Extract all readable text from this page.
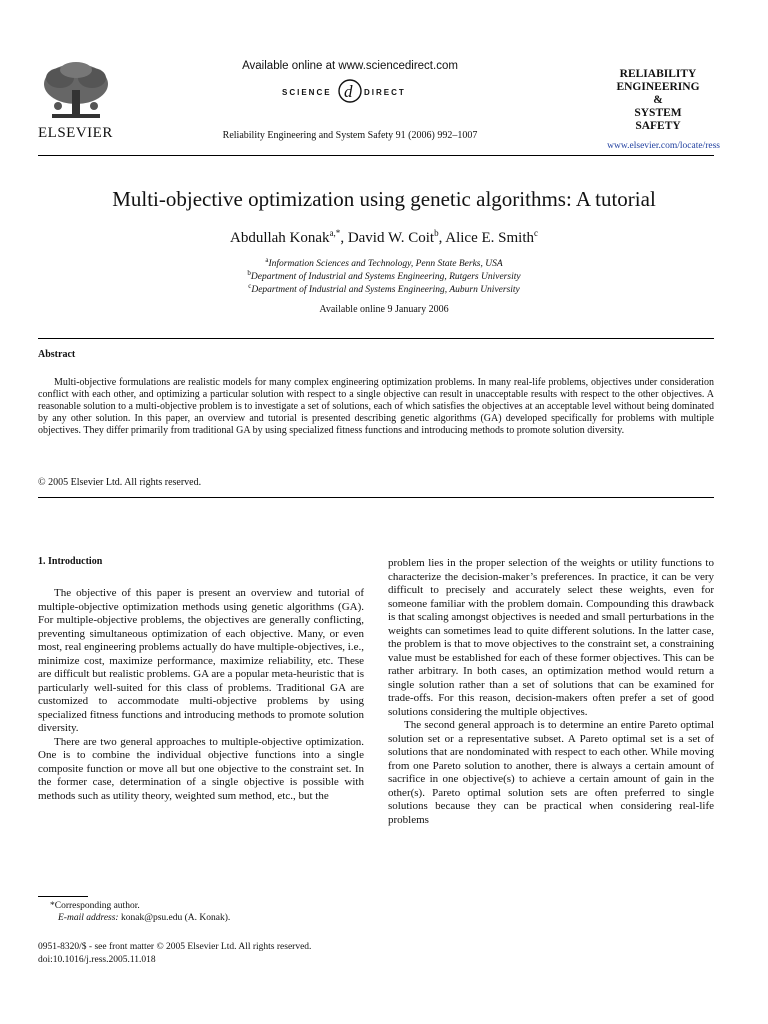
ELSEVIER
Available online at www.sciencedirect.com
SCIENCE d DIRECT
Reliability Engineering and System Safety 91 (2006) 992–1007
RELIABILITY
ENGINEERING
&
SYSTEM
SAFETY
www.elsevier.com/locate/ress
Multi-objective optimization using genetic algorithms: A tutorial
Abdullah Konak$^{a,*}$, David W. Coit$^b$, Alice E. Smith$^c$
$^a$Information Sciences and Technology, Penn State Berks, USA
$^b$Department of Industrial and Systems Engineering, Rutgers University
$^c$Department of Industrial and Systems Engineering, Auburn University
Available online 9 January 2006
Abstract
Multi-objective formulations are realistic models for many complex engineering optimization problems. In many real-life problems, objectives under consideration conflict with each other, and optimizing a particular solution with respect to a single objective can result in unacceptable results with respect to the other objectives. A reasonable solution to a multi-objective problem is to investigate a set of solutions, each of which satisfies the objectives at an acceptable level without being dominated by any other solution. In this paper, an overview and tutorial is presented describing genetic algorithms (GA) developed specifically for problems with multiple objectives. They differ primarily from traditional GA by using specialized fitness functions and introducing methods to promote solution diversity.
© 2005 Elsevier Ltd. All rights reserved.
1. Introduction

The objective of this paper is present an overview and tutorial of multiple-objective optimization methods using genetic algorithms (GA). For multiple-objective problems, the objectives are generally conflicting, preventing simultaneous optimization of each objective. Many, or even most, real engineering problems actually do have multiple-objectives, i.e., minimize cost, maximize performance, maximize reliability, etc. These are difficult but realistic problems. GA are a popular meta-heuristic that is particularly well-suited for this class of problems. Traditional GA are customized to accommodate multi-objective problems by using specialized fitness functions and introducing methods to promote solution diversity.

There are two general approaches to multiple-objective optimization. One is to combine the individual objective functions into a single composite function or move all but one objective to the constraint set. In the former case, determination of a single objective is possible with methods such as utility theory, weighted sum method, etc., but the

problem lies in the proper selection of the weights or utility functions to characterize the decision-maker’s preferences. In practice, it can be very difficult to precisely and accurately select these weights, even for someone familiar with the problem domain. Compounding this drawback is that scaling amongst objectives is needed and small perturbations in the weights can sometimes lead to quite different solutions. In the latter case, the problem is that to move objectives to the constraint set, a constraining value must be established for each of these former objectives. This can be rather arbitrary. In both cases, an optimization method would return a single solution rather than a set of solutions that can be examined for trade-offs. For this reason, decision-makers often prefer a set of good solutions considering the multiple objectives.

The second general approach is to determine an entire Pareto optimal solution set or a representative subset. A Pareto optimal set is a set of solutions that are nondominated with respect to each other. While moving from one Pareto solution to another, there is always a certain amount of sacrifice in one objective(s) to achieve a certain amount of gain in the other(s). Pareto optimal solution sets are often preferred to single solutions because they can be practical when considering real-life problems

*Corresponding author.
E-mail address: konak@psu.edu (A. Konak).
0951-8320/$ - see front matter © 2005 Elsevier Ltd. All rights reserved.
doi:10.1016/j.ress.2005.11.018
